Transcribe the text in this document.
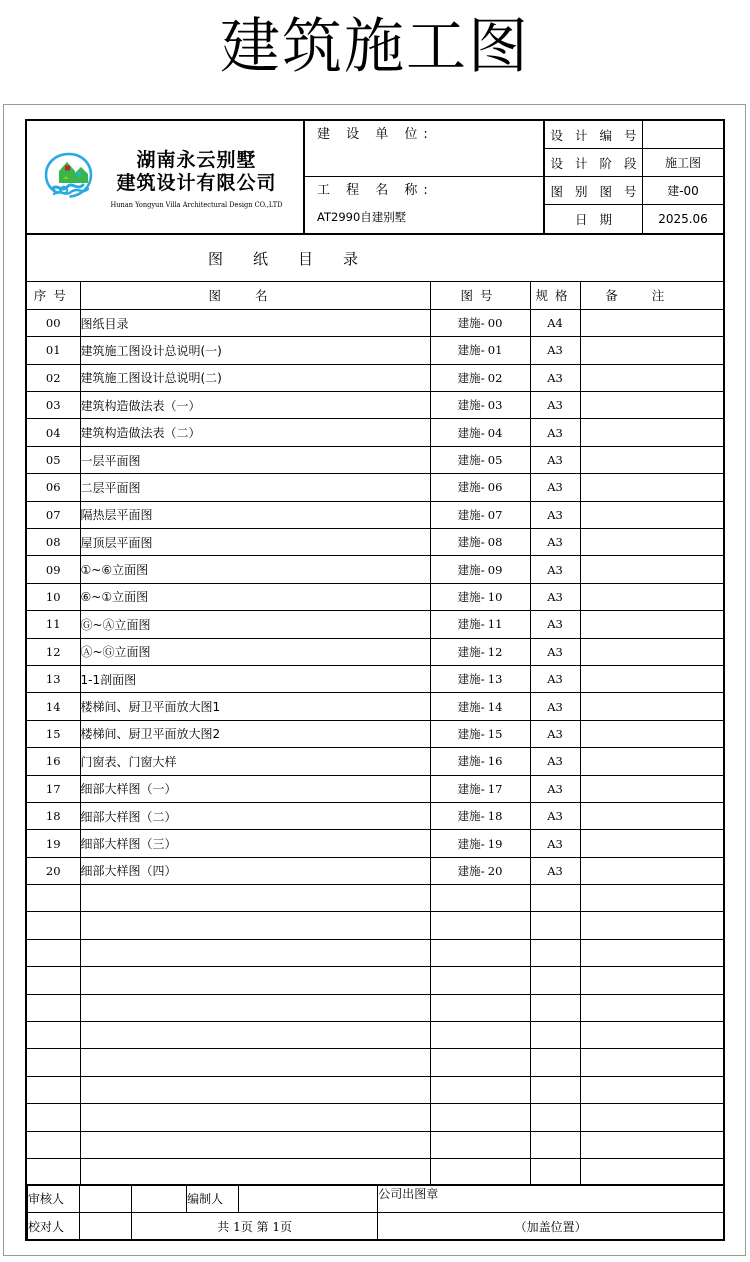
建筑施工图
湖南永云别墅
建筑设计有限公司
Hunan Yongyun Villa Architectural Design CO.,LTD
建 设 单 位:
工 程 名 称:
AT2990自建别墅
设 计 编 号
设 计 阶 段	施工图
图 别 图 号	建-00
日 期	2025.06
图纸目录
序号	图名	图号	规格	备注
00	图纸目录	建施- 00	A4	
01	建筑施工图设计总说明(一)	建施- 01	A3	
02	建筑施工图设计总说明(二)	建施- 02	A3	
03	建筑构造做法表（一）	建施- 03	A3	
04	建筑构造做法表（二）	建施- 04	A3	
05	一层平面图	建施- 05	A3	
06	二层平面图	建施- 06	A3	
07	隔热层平面图	建施- 07	A3	
08	屋顶层平面图	建施- 08	A3	
09	①~⑥立面图	建施- 09	A3	
10	⑥~①立面图	建施- 10	A3	
11	Ⓖ~Ⓐ立面图	建施- 11	A3	
12	Ⓐ~Ⓖ立面图	建施- 12	A3	
13	1-1剖面图	建施- 13	A3	
14	楼梯间、厨卫平面放大图1	建施- 14	A3	
15	楼梯间、厨卫平面放大图2	建施- 15	A3	
16	门窗表、门窗大样	建施- 16	A3	
17	细部大样图（一）	建施- 17	A3	
18	细部大样图（二）	建施- 18	A3	
19	细部大样图（三）	建施- 19	A3	
20	细部大样图（四）	建施- 20	A3	

审核人			编制人		公司出图章
校对人		共 1页 第 1页			（加盖位置）
